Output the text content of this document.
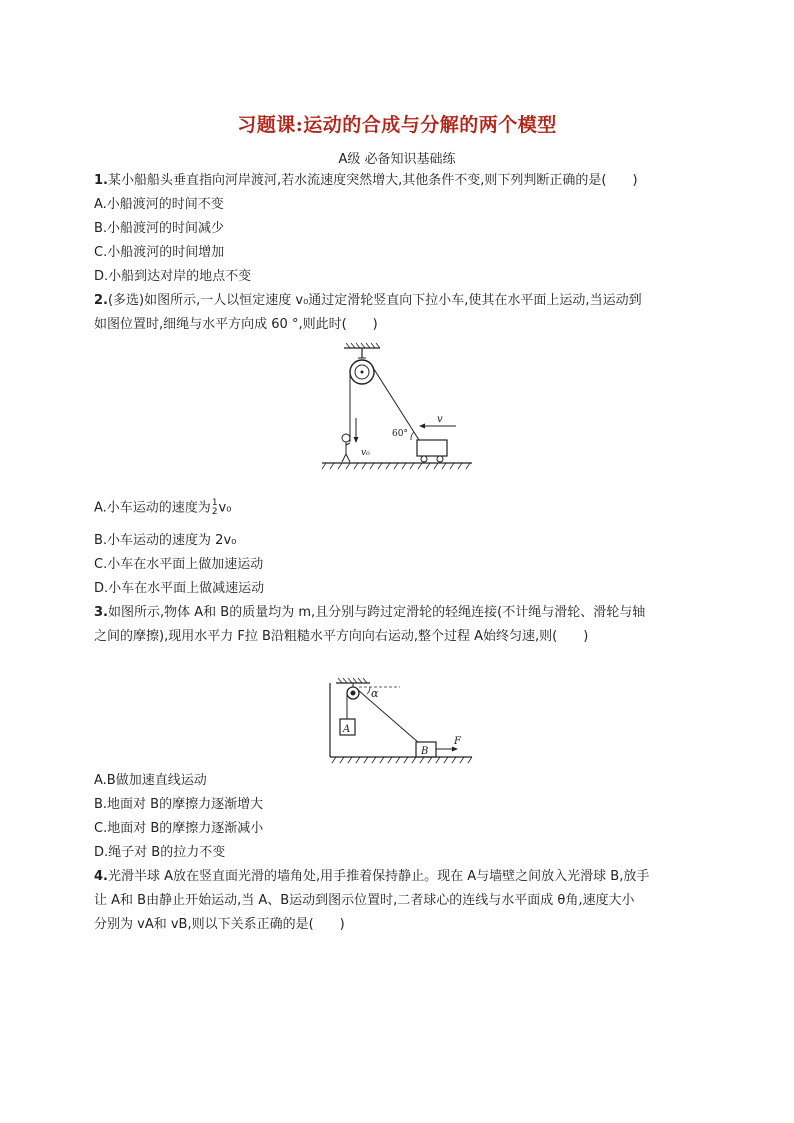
习题课:运动的合成与分解的两个模型
A级 必备知识基础练
1.某小船船头垂直指向河岸渡河,若水流速度突然增大,其他条件不变,则下列判断正确的是(　　)
A.小船渡河的时间不变
B.小船渡河的时间减少
C.小船渡河的时间增加
D.小船到达对岸的地点不变
2.(多选)如图所示,一人以恒定速度 v₀通过定滑轮竖直向下拉小车,使其在水平面上运动,当运动到
如图位置时,细绳与水平方向成 60 °,则此时(　　)
v₀
60°
v
A.小车运动的速度为 1
2 v₀
B.小车运动的速度为 2v₀
C.小车在水平面上做加速运动
D.小车在水平面上做减速运动
3.如图所示,物体 A和 B的质量均为 m,且分别与跨过定滑轮的轻绳连接(不计绳与滑轮、滑轮与轴
之间的摩擦),现用水平力 F拉 B沿粗糙水平方向向右运动,整个过程 A始终匀速,则(　　)
α
A
B
F
A.B做加速直线运动
B.地面对 B的摩擦力逐渐增大
C.地面对 B的摩擦力逐渐减小
D.绳子对 B的拉力不变
4.光滑半球 A放在竖直面光滑的墙角处,用手推着保持静止。现在 A与墙壁之间放入光滑球 B,放手
让 A和 B由静止开始运动,当 A、B运动到图示位置时,二者球心的连线与水平面成 θ角,速度大小
分别为 vA和 vB,则以下关系正确的是(　　)
